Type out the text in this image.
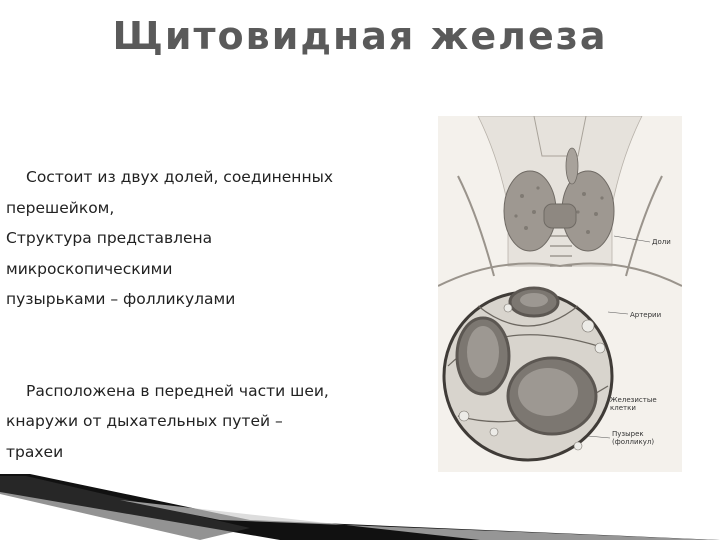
Щитовидная железа
Состоит из двух долей, соединенных
перешейком,
Структура представлена
микроскопическими
пузырьками – фолликулами
Расположена в передней части шеи,
кнаружи от дыхательных путей –
трахеи
Доли
Артерии
Железистые
клетки
Пузырек
(фолликул)
